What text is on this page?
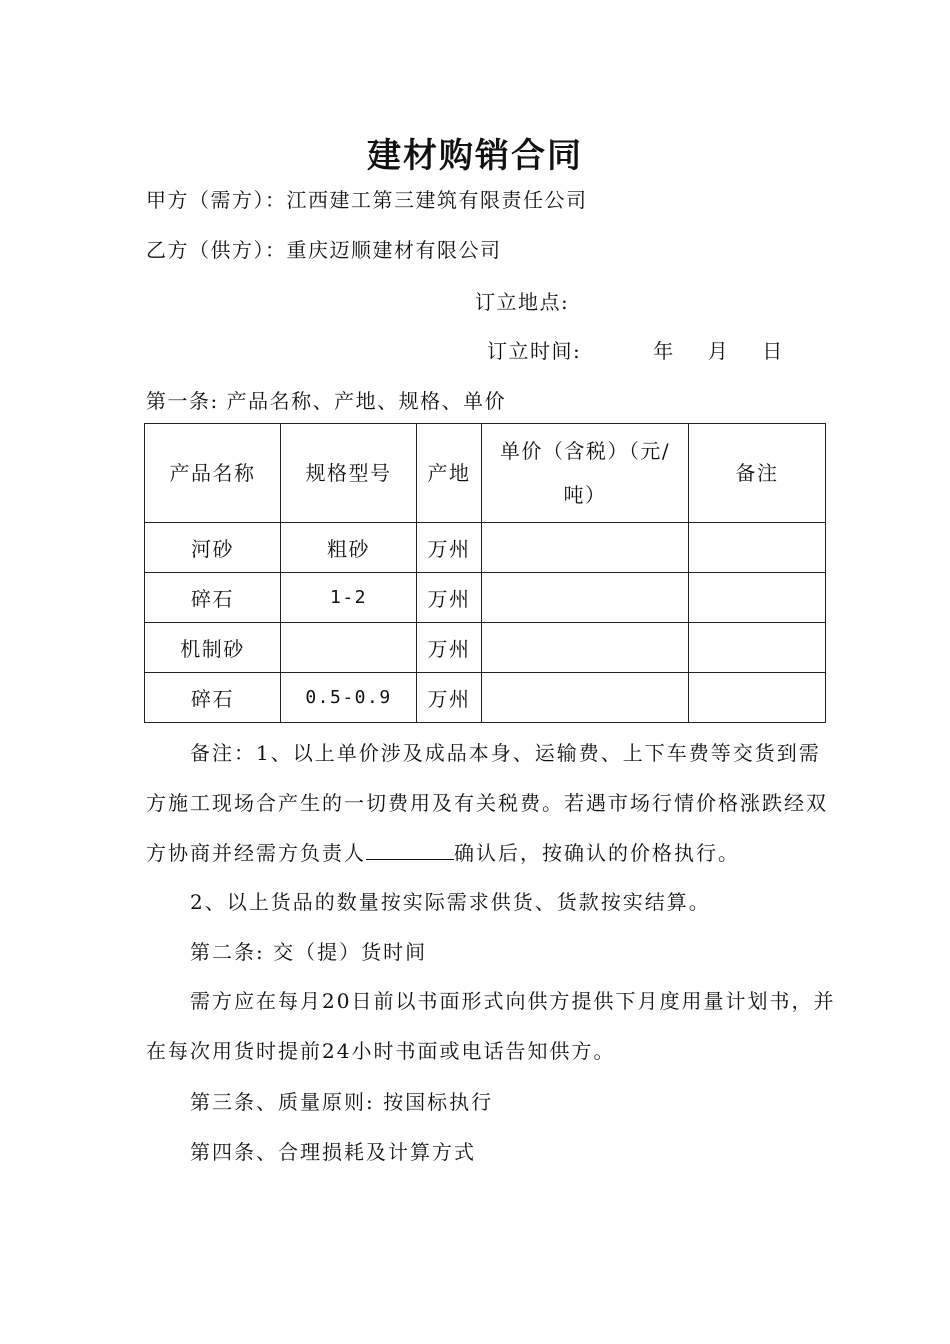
建材购销合同
甲方（需方）：江西建工第三建筑有限责任公司
乙方（供方）：重庆迈顺建材有限公司
订立地点:
订立时间:	年 月 日
第一条: 产品名称、产地、规格、单价
产品名称	规格型号	产地	单价（含税）（元/吨）	备注
河砂	粗砂	万州		
碎石	1-2	万州		
机制砂		万州		
碎石	0.5-0.9	万州		

备注：1、以上单价涉及成品本身、运输费、上下车费等交货到需方施工现场合产生的一切费用及有关税费。若遇市场行情价格涨跌经双方协商并经需方负责人	确认后，按确认的价格执行。

2、以上货品的数量按实际需求供货、货款按实结算。
第二条: 交（提）货时间

需方应在每月20日前以书面形式向供方提供下月度用量计划书，并在每次用货时提前24小时书面或电话告知供方。

第三条、质量原则: 按国标执行
第四条、合理损耗及计算方式
